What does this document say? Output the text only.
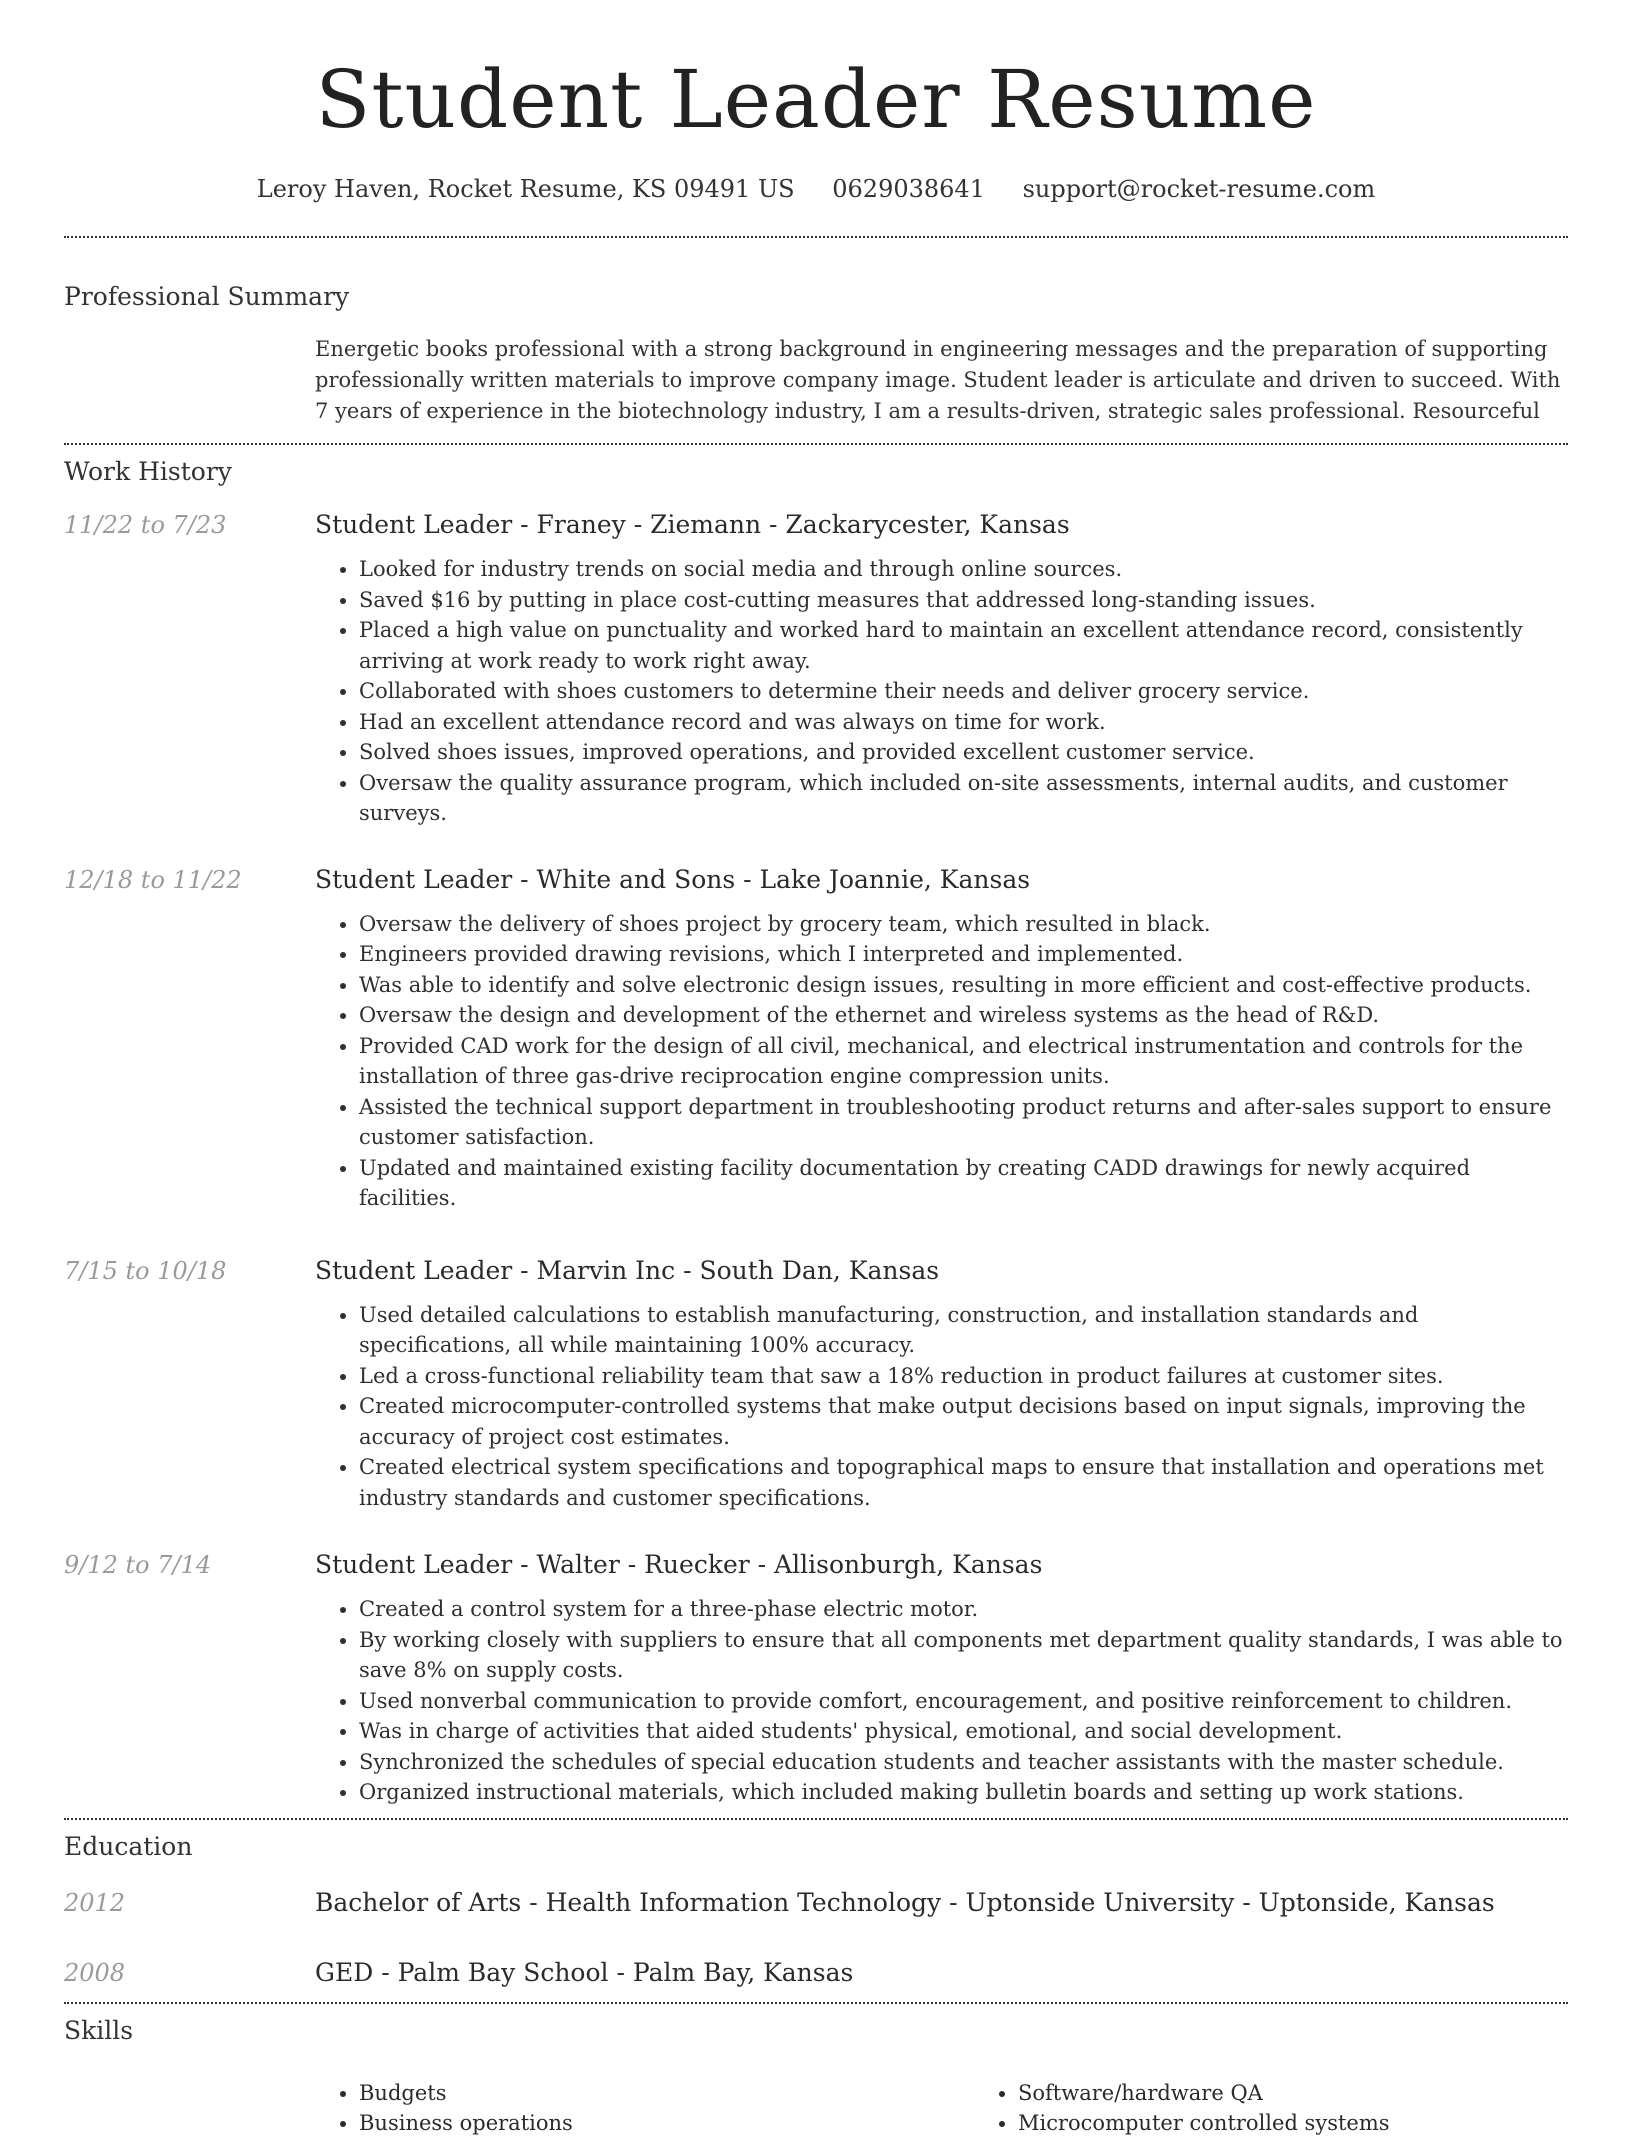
Student Leader Resume
Leroy Haven, Rocket Resume, KS 09491 US 0629038641 support@rocket-resume.com
Professional Summary
Energetic books professional with a strong background in engineering messages and the preparation of supporting professionally written materials to improve company image. Student leader is articulate and driven to succeed. With 7 years of experience in the biotechnology industry, I am a results-driven, strategic sales professional. Resourceful
Work History
11/22 to 7/23	Student Leader - Franey - Ziemann - Zackarycester, Kansas
• Looked for industry trends on social media and through online sources.
• Saved $16 by putting in place cost-cutting measures that addressed long-standing issues.
• Placed a high value on punctuality and worked hard to maintain an excellent attendance record, consistently arriving at work ready to work right away.
• Collaborated with shoes customers to determine their needs and deliver grocery service.
• Had an excellent attendance record and was always on time for work.
• Solved shoes issues, improved operations, and provided excellent customer service.
• Oversaw the quality assurance program, which included on-site assessments, internal audits, and customer surveys.
12/18 to 11/22	Student Leader - White and Sons - Lake Joannie, Kansas
• Oversaw the delivery of shoes project by grocery team, which resulted in black.
• Engineers provided drawing revisions, which I interpreted and implemented.
• Was able to identify and solve electronic design issues, resulting in more efficient and cost-effective products.
• Oversaw the design and development of the ethernet and wireless systems as the head of R&D.
• Provided CAD work for the design of all civil, mechanical, and electrical instrumentation and controls for the installation of three gas-drive reciprocation engine compression units.
• Assisted the technical support department in troubleshooting product returns and after-sales support to ensure customer satisfaction.
• Updated and maintained existing facility documentation by creating CADD drawings for newly acquired facilities.
7/15 to 10/18	Student Leader - Marvin Inc - South Dan, Kansas
• Used detailed calculations to establish manufacturing, construction, and installation standards and specifications, all while maintaining 100% accuracy.
• Led a cross-functional reliability team that saw a 18% reduction in product failures at customer sites.
• Created microcomputer-controlled systems that make output decisions based on input signals, improving the accuracy of project cost estimates.
• Created electrical system specifications and topographical maps to ensure that installation and operations met industry standards and customer specifications.
9/12 to 7/14	Student Leader - Walter - Ruecker - Allisonburgh, Kansas
• Created a control system for a three-phase electric motor.
• By working closely with suppliers to ensure that all components met department quality standards, I was able to save 8% on supply costs.
• Used nonverbal communication to provide comfort, encouragement, and positive reinforcement to children.
• Was in charge of activities that aided students' physical, emotional, and social development.
• Synchronized the schedules of special education students and teacher assistants with the master schedule.
• Organized instructional materials, which included making bulletin boards and setting up work stations.
Education
2012	Bachelor of Arts - Health Information Technology - Uptonside University - Uptonside, Kansas
2008	GED - Palm Bay School - Palm Bay, Kansas
Skills
• Budgets
• Business operations
• Software/hardware QA
• Microcomputer controlled systems
